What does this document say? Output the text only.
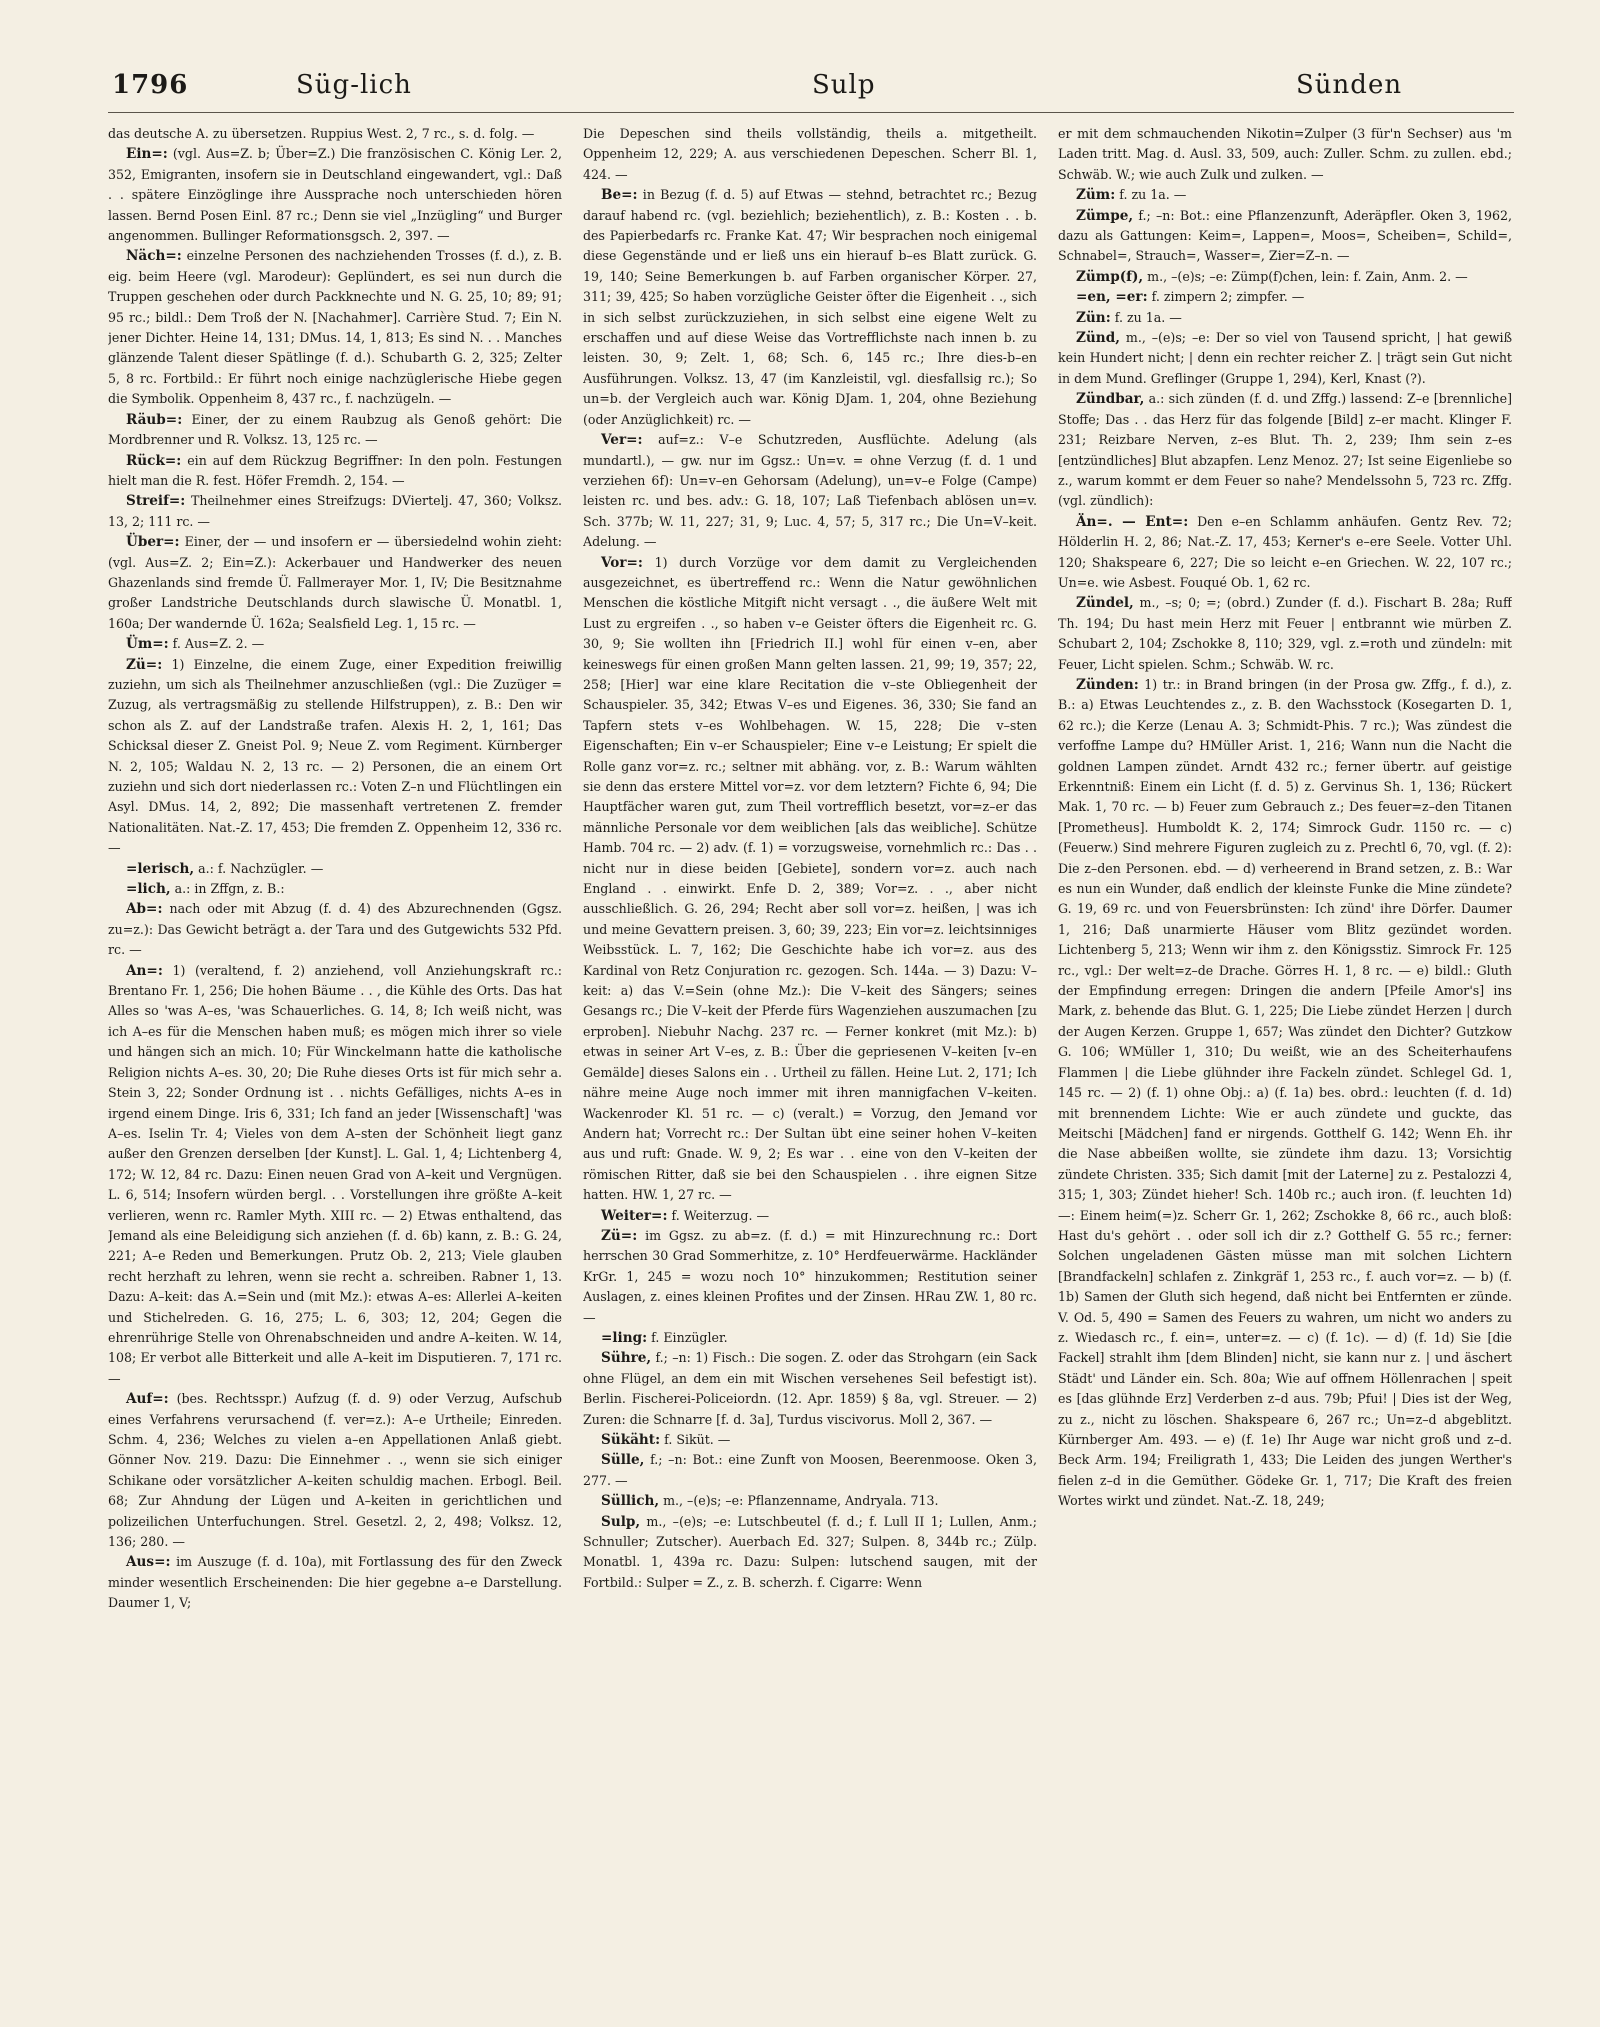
1796	Süg-lich	Sulp	Sünden

das deutsche A. zu übersetzen. Ruppius West. 2, 7 rc., s. d. folg. —

Ein=: (vgl. Aus=Z. b; Über=Z.) Die französischen C. König Ler. 2, 352, Emigranten, insofern sie in Deutschland eingewandert, vgl.: Daß . . spätere Einzöglinge ihre Aussprache noch unterschieden hören lassen. Bernd Posen Einl. 87 rc.; Denn sie viel „Inzügling“ und Burger angenommen. Bullinger Reformationsgsch. 2, 397. —

Näch=: einzelne Personen des nachziehenden Trosses (f. d.), z. B. eig. beim Heere (vgl. Marodeur): Geplündert, es sei nun durch die Truppen geschehen oder durch Packknechte und N. G. 25, 10; 89; 91; 95 rc.; bildl.: Dem Troß der N. [Nachahmer]. Carrière Stud. 7; Ein N. jener Dichter. Heine 14, 131; DMus. 14, 1, 813; Es sind N. . . Manches glänzende Talent dieser Spätlinge (f. d.). Schubarth G. 2, 325; Zelter 5, 8 rc. Fortbild.: Er führt noch einige nachzüglerische Hiebe gegen die Symbolik. Oppenheim 8, 437 rc., f. nachzügeln. —

Räub=: Einer, der zu einem Raubzug als Genoß gehört: Die Mordbrenner und R. Volksz. 13, 125 rc. —

Rück=: ein auf dem Rückzug Begriffner: In den poln. Festungen hielt man die R. fest. Höfer Fremdh. 2, 154. —

Streif=: Theilnehmer eines Streifzugs: DViertelj. 47, 360; Volksz. 13, 2; 111 rc. —

Über=: Einer, der — und insofern er — übersiedelnd wohin zieht: (vgl. Aus=Z. 2; Ein=Z.): Ackerbauer und Handwerker des neuen Ghazenlands sind fremde Ü. Fallmerayer Mor. 1, IV; Die Besitznahme großer Landstriche Deutschlands durch slawische Ü. Monatbl. 1, 160a; Der wandernde Ü. 162a; Sealsfield Leg. 1, 15 rc. —

Üm=: f. Aus=Z. 2. —

Zü=: 1) Einzelne, die einem Zuge, einer Expedition freiwillig zuziehn, um sich als Theilnehmer anzuschließen (vgl.: Die Zuzüger = Zuzug, als vertragsmäßig zu stellende Hilfstruppen), z. B.: Den wir schon als Z. auf der Landstraße trafen. Alexis H. 2, 1, 161; Das Schicksal dieser Z. Gneist Pol. 9; Neue Z. vom Regiment. Kürnberger N. 2, 105; Waldau N. 2, 13 rc. — 2) Personen, die an einem Ort zuziehn und sich dort niederlassen rc.: Voten Z–n und Flüchtlingen ein Asyl. DMus. 14, 2, 892; Die massenhaft vertretenen Z. fremder Nationalitäten. Nat.-Z. 17, 453; Die fremden Z. Oppenheim 12, 336 rc. —

=lerisch, a.: f. Nachzügler. —

=lich, a.: in Zffgn, z. B.:

Ab=: nach oder mit Abzug (f. d. 4) des Abzurechnenden (Ggsz. zu=z.): Das Gewicht beträgt a. der Tara und des Gutgewichts 532 Pfd. rc. —

An=: 1) (veraltend, f. 2) anziehend, voll Anziehungskraft rc.: Brentano Fr. 1, 256; Die hohen Bäume . . , die Kühle des Orts. Das hat Alles so 'was A–es, 'was Schauerliches. G. 14, 8; Ich weiß nicht, was ich A–es für die Menschen haben muß; es mögen mich ihrer so viele und hängen sich an mich. 10; Für Winckelmann hatte die katholische Religion nichts A–es. 30, 20; Die Ruhe dieses Orts ist für mich sehr a. Stein 3, 22; Sonder Ordnung ist . . nichts Gefälliges, nichts A–es in irgend einem Dinge. Iris 6, 331; Ich fand an jeder [Wissenschaft] 'was A–es. Iselin Tr. 4; Vieles von dem A–sten der Schönheit liegt ganz außer den Grenzen derselben [der Kunst]. L. Gal. 1, 4; Lichtenberg 4, 172; W. 12, 84 rc. Dazu: Einen neuen Grad von A–keit und Vergnügen. L. 6, 514; Insofern würden bergl. . . Vorstellungen ihre größte A–keit verlieren, wenn rc. Ramler Myth. XIII rc. — 2) Etwas enthaltend, das Jemand als eine Beleidigung sich anziehen (f. d. 6b) kann, z. B.: G. 24, 221; A–e Reden und Bemerkungen. Prutz Ob. 2, 213; Viele glauben recht herzhaft zu lehren, wenn sie recht a. schreiben. Rabner 1, 13. Dazu: A–keit: das A.=Sein und (mit Mz.): etwas A–es: Allerlei A–keiten und Stichelreden. G. 16, 275; L. 6, 303; 12, 204; Gegen die ehrenrührige Stelle von Ohrenabschneiden und andre A–keiten. W. 14, 108; Er verbot alle Bitterkeit und alle A–keit im Disputieren. 7, 171 rc. —

Auf=: (bes. Rechtsspr.) Aufzug (f. d. 9) oder Verzug, Aufschub eines Verfahrens verursachend (f. ver=z.): A–e Urtheile; Einreden. Schm. 4, 236; Welches zu vielen a–en Appellationen Anlaß giebt. Gönner Nov. 219. Dazu: Die Einnehmer . ., wenn sie sich einiger Schikane oder vorsätzlicher A–keiten schuldig machen. Erbogl. Beil. 68; Zur Ahndung der Lügen und A–keiten in gerichtlichen und polizeilichen Unterfuchungen. Strel. Gesetzl. 2, 2, 498; Volksz. 12, 136; 280. —

Aus=: im Auszuge (f. d. 10a), mit Fortlassung des für den Zweck minder wesentlich Erscheinenden: Die hier gegebne a–e Darstellung. Daumer 1, V;

Die Depeschen sind theils vollständig, theils a. mitgetheilt. Oppenheim 12, 229; A. aus verschiedenen Depeschen. Scherr Bl. 1, 424. —

Be=: in Bezug (f. d. 5) auf Etwas — stehnd, betrachtet rc.; Bezug darauf habend rc. (vgl. beziehlich; beziehentlich), z. B.: Kosten . . b. des Papierbedarfs rc. Franke Kat. 47; Wir besprachen noch einigemal diese Gegenstände und er ließ uns ein hierauf b–es Blatt zurück. G. 19, 140; Seine Bemerkungen b. auf Farben organischer Körper. 27, 311; 39, 425; So haben vorzügliche Geister öfter die Eigenheit . ., sich in sich selbst zurückzuziehen, in sich selbst eine eigene Welt zu erschaffen und auf diese Weise das Vortrefflichste nach innen b. zu leisten. 30, 9; Zelt. 1, 68; Sch. 6, 145 rc.; Ihre dies-b–en Ausführungen. Volksz. 13, 47 (im Kanzleistil, vgl. diesfallsig rc.); So un=b. der Vergleich auch war. König DJam. 1, 204, ohne Beziehung (oder Anzüglichkeit) rc. —

Ver=: auf=z.: V–e Schutzreden, Ausflüchte. Adelung (als mundartl.), — gw. nur im Ggsz.: Un=v. = ohne Verzug (f. d. 1 und verziehen 6f): Un=v–en Gehorsam (Adelung), un=v–e Folge (Campe) leisten rc. und bes. adv.: G. 18, 107; Laß Tiefenbach ablösen un=v. Sch. 377b; W. 11, 227; 31, 9; Luc. 4, 57; 5, 317 rc.; Die Un=V–keit. Adelung. —

Vor=: 1) durch Vorzüge vor dem damit zu Vergleichenden ausgezeichnet, es übertreffend rc.: Wenn die Natur gewöhnlichen Menschen die köstliche Mitgift nicht versagt . ., die äußere Welt mit Lust zu ergreifen . ., so haben v–e Geister öfters die Eigenheit rc. G. 30, 9; Sie wollten ihn [Friedrich II.] wohl für einen v–en, aber keineswegs für einen großen Mann gelten lassen. 21, 99; 19, 357; 22, 258; [Hier] war eine klare Recitation die v–ste Obliegenheit der Schauspieler. 35, 342; Etwas V–es und Eigenes. 36, 330; Sie fand an Tapfern stets v–es Wohlbehagen. W. 15, 228; Die v–sten Eigenschaften; Ein v–er Schauspieler; Eine v–e Leistung; Er spielt die Rolle ganz vor=z. rc.; seltner mit abhäng. vor, z. B.: Warum wählten sie denn das erstere Mittel vor=z. vor dem letztern? Fichte 6, 94; Die Hauptfächer waren gut, zum Theil vortrefflich besetzt, vor=z–er das männliche Personale vor dem weiblichen [als das weibliche]. Schütze Hamb. 704 rc. — 2) adv. (f. 1) = vorzugsweise, vornehmlich rc.: Das . . nicht nur in diese beiden [Gebiete], sondern vor=z. auch nach England . . einwirkt. Enfe D. 2, 389; Vor=z. . ., aber nicht ausschließlich. G. 26, 294; Recht aber soll vor=z. heißen, | was ich und meine Gevattern preisen. 3, 60; 39, 223; Ein vor=z. leichtsinniges Weibsstück. L. 7, 162; Die Geschichte habe ich vor=z. aus des Kardinal von Retz Conjuration rc. gezogen. Sch. 144a. — 3) Dazu: V–keit: a) das V.=Sein (ohne Mz.): Die V–keit des Sängers; seines Gesangs rc.; Die V–keit der Pferde fürs Wagenziehen auszumachen [zu erproben]. Niebuhr Nachg. 237 rc. — Ferner konkret (mit Mz.): b) etwas in seiner Art V–es, z. B.: Über die gepriesenen V–keiten [v–en Gemälde] dieses Salons ein . . Urtheil zu fällen. Heine Lut. 2, 171; Ich nähre meine Auge noch immer mit ihren mannigfachen V–keiten. Wackenroder Kl. 51 rc. — c) (veralt.) = Vorzug, den Jemand vor Andern hat; Vorrecht rc.: Der Sultan übt eine seiner hohen V–keiten aus und ruft: Gnade. W. 9, 2; Es war . . eine von den V–keiten der römischen Ritter, daß sie bei den Schauspielen . . ihre eignen Sitze hatten. HW. 1, 27 rc. —

Weiter=: f. Weiterzug. —

Zü=: im Ggsz. zu ab=z. (f. d.) = mit Hinzurechnung rc.: Dort herrschen 30 Grad Sommerhitze, z. 10° Herdfeuerwärme. Hackländer KrGr. 1, 245 = wozu noch 10° hinzukommen; Restitution seiner Auslagen, z. eines kleinen Profites und der Zinsen. HRau ZW. 1, 80 rc. —

=ling: f. Einzügler.

Sühre, f.; –n: 1) Fisch.: Die sogen. Z. oder das Strohgarn (ein Sack ohne Flügel, an dem ein mit Wischen versehenes Seil befestigt ist). Berlin. Fischerei-Policeiordn. (12. Apr. 1859) § 8a, vgl. Streuer. — 2) Zuren: die Schnarre [f. d. 3a], Turdus viscivorus. Moll 2, 367. —

Sükäht: f. Siküt. —

Sülle, f.; –n: Bot.: eine Zunft von Moosen, Beerenmoose. Oken 3, 277. —

Süllich, m., –(e)s; –e: Pflanzenname, Andryala. 713.

Sulp, m., –(e)s; –e: Lutschbeutel (f. d.; f. Lull II 1; Lullen, Anm.; Schnuller; Zutscher). Auerbach Ed. 327; Sulpen. 8, 344b rc.; Zülp. Monatbl. 1, 439a rc. Dazu: Sulpen: lutschend saugen, mit der Fortbild.: Sulper = Z., z. B. scherzh. f. Cigarre: Wenn

er mit dem schmauchenden Nikotin=Zulper (3 für'n Sechser) aus 'm Laden tritt. Mag. d. Ausl. 33, 509, auch: Zuller. Schm. zu zullen. ebd.; Schwäb. W.; wie auch Zulk und zulken. —

Züm: f. zu 1a. —

Zümpe, f.; –n: Bot.: eine Pflanzenzunft, Aderäpfler. Oken 3, 1962, dazu als Gattungen: Keim=, Lappen=, Moos=, Scheiben=, Schild=, Schnabel=, Strauch=, Wasser=, Zier=Z–n. —

Zümp(f), m., –(e)s; –e: Zümp(f)chen, lein: f. Zain, Anm. 2. —

=en, =er: f. zimpern 2; zimpfer. —

Zün: f. zu 1a. —

Zünd, m., –(e)s; –e: Der so viel von Tausend spricht, | hat gewiß kein Hundert nicht; | denn ein rechter reicher Z. | trägt sein Gut nicht in dem Mund. Greflinger (Gruppe 1, 294), Kerl, Knast (?).

Zündbar, a.: sich zünden (f. d. und Zffg.) lassend: Z–e [brennliche] Stoffe; Das . . das Herz für das folgende [Bild] z–er macht. Klinger F. 231; Reizbare Nerven, z–es Blut. Th. 2, 239; Ihm sein z–es [entzündliches] Blut abzapfen. Lenz Menoz. 27; Ist seine Eigenliebe so z., warum kommt er dem Feuer so nahe? Mendelssohn 5, 723 rc. Zffg. (vgl. zündlich):

Än=. — Ent=: Den e–en Schlamm anhäufen. Gentz Rev. 72; Hölderlin H. 2, 86; Nat.-Z. 17, 453; Kerner's e–ere Seele. Votter Uhl. 120; Shakspeare 6, 227; Die so leicht e–en Griechen. W. 22, 107 rc.; Un=e. wie Asbest. Fouqué Ob. 1, 62 rc.

Zündel, m., –s; 0; =; (obrd.) Zunder (f. d.). Fischart B. 28a; Ruff Th. 194; Du hast mein Herz mit Feuer | entbrannt wie mürben Z. Schubart 2, 104; Zschokke 8, 110; 329, vgl. z.=roth und zündeln: mit Feuer, Licht spielen. Schm.; Schwäb. W. rc.

Zünden: 1) tr.: in Brand bringen (in der Prosa gw. Zffg., f. d.), z. B.: a) Etwas Leuchtendes z., z. B. den Wachsstock (Kosegarten D. 1, 62 rc.); die Kerze (Lenau A. 3; Schmidt-Phis. 7 rc.); Was zündest die verfoffne Lampe du? HMüller Arist. 1, 216; Wann nun die Nacht die goldnen Lampen zündet. Arndt 432 rc.; ferner übertr. auf geistige Erkenntniß: Einem ein Licht (f. d. 5) z. Gervinus Sh. 1, 136; Rückert Mak. 1, 70 rc. — b) Feuer zum Gebrauch z.; Des feuer=z–den Titanen [Prometheus]. Humboldt K. 2, 174; Simrock Gudr. 1150 rc. — c) (Feuerw.) Sind mehrere Figuren zugleich zu z. Prechtl 6, 70, vgl. (f. 2): Die z–den Personen. ebd. — d) verheerend in Brand setzen, z. B.: War es nun ein Wunder, daß endlich der kleinste Funke die Mine zündete? G. 19, 69 rc. und von Feuersbrünsten: Ich zünd' ihre Dörfer. Daumer 1, 216; Daß unarmierte Häuser vom Blitz gezündet worden. Lichtenberg 5, 213; Wenn wir ihm z. den Königsstiz. Simrock Fr. 125 rc., vgl.: Der welt=z–de Drache. Görres H. 1, 8 rc. — e) bildl.: Gluth der Empfindung erregen: Dringen die andern [Pfeile Amor's] ins Mark, z. behende das Blut. G. 1, 225; Die Liebe zündet Herzen | durch der Augen Kerzen. Gruppe 1, 657; Was zündet den Dichter? Gutzkow G. 106; WMüller 1, 310; Du weißt, wie an des Scheiterhaufens Flammen | die Liebe glühnder ihre Fackeln zündet. Schlegel Gd. 1, 145 rc. — 2) (f. 1) ohne Obj.: a) (f. 1a) bes. obrd.: leuchten (f. d. 1d) mit brennendem Lichte: Wie er auch zündete und guckte, das Meitschi [Mädchen] fand er nirgends. Gotthelf G. 142; Wenn Eh. ihr die Nase abbeißen wollte, sie zündete ihm dazu. 13; Vorsichtig zündete Christen. 335; Sich damit [mit der Laterne] zu z. Pestalozzi 4, 315; 1, 303; Zündet hieher! Sch. 140b rc.; auch iron. (f. leuchten 1d) —: Einem heim(=)z. Scherr Gr. 1, 262; Zschokke 8, 66 rc., auch bloß: Hast du's gehört . . oder soll ich dir z.? Gotthelf G. 55 rc.; ferner: Solchen ungeladenen Gästen müsse man mit solchen Lichtern [Brandfackeln] schlafen z. Zinkgräf 1, 253 rc., f. auch vor=z. — b) (f. 1b) Samen der Gluth sich hegend, daß nicht bei Entfernten er zünde. V. Od. 5, 490 = Samen des Feuers zu wahren, um nicht wo anders zu z. Wiedasch rc., f. ein=, unter=z. — c) (f. 1c). — d) (f. 1d) Sie [die Fackel] strahlt ihm [dem Blinden] nicht, sie kann nur z. | und äschert Städt' und Länder ein. Sch. 80a; Wie auf offnem Höllenrachen | speit es [das glühnde Erz] Verderben z–d aus. 79b; Pfui! | Dies ist der Weg, zu z., nicht zu löschen. Shakspeare 6, 267 rc.; Un=z–d abgeblitzt. Kürnberger Am. 493. — e) (f. 1e) Ihr Auge war nicht groß und z–d. Beck Arm. 194; Freiligrath 1, 433; Die Leiden des jungen Werther's fielen z–d in die Gemüther. Gödeke Gr. 1, 717; Die Kraft des freien Wortes wirkt und zündet. Nat.-Z. 18, 249;
